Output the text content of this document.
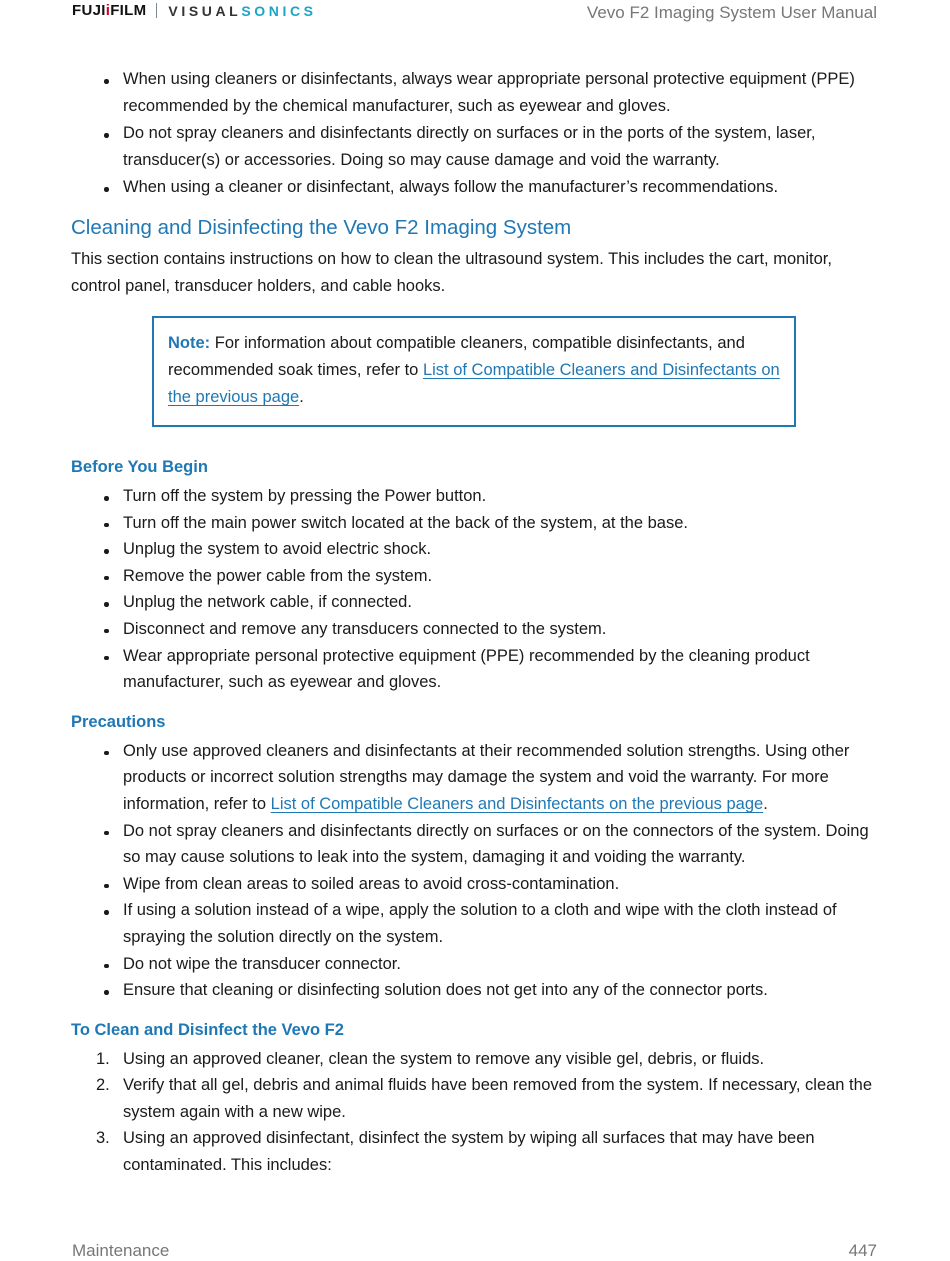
FUJIiFILM VISUAL SONICS	Vevo F2 Imaging System User Manual
When using cleaners or disinfectants, always wear appropriate personal protective equipment (PPE) recommended by the chemical manufacturer, such as eyewear and gloves.
Do not spray cleaners and disinfectants directly on surfaces or in the ports of the system, laser, transducer(s) or accessories. Doing so may cause damage and void the warranty.
When using a cleaner or disinfectant, always follow the manufacturer’s recommendations.
Cleaning and Disinfecting the Vevo F2 Imaging System

This section contains instructions on how to clean the ultrasound system. This includes the cart, monitor, control panel, transducer holders, and cable hooks.

Note: For information about compatible cleaners, compatible disinfectants, and recommended soak times, refer to List of Compatible Cleaners and Disinfectants on the previous page.
Before You Begin
Turn off the system by pressing the Power button.
Turn off the main power switch located at the back of the system, at the base.
Unplug the system to avoid electric shock.
Remove the power cable from the system.
Unplug the network cable, if connected.
Disconnect and remove any transducers connected to the system.
Wear appropriate personal protective equipment (PPE) recommended by the cleaning product manufacturer, such as eyewear and gloves.
Precautions
Only use approved cleaners and disinfectants at their recommended solution strengths. Using other products or incorrect solution strengths may damage the system and void the warranty. For more information, refer to List of Compatible Cleaners and Disinfectants on the previous page.
Do not spray cleaners and disinfectants directly on surfaces or on the connectors of the system. Doing so may cause solutions to leak into the system, damaging it and voiding the warranty.
Wipe from clean areas to soiled areas to avoid cross-contamination.
If using a solution instead of a wipe, apply the solution to a cloth and wipe with the cloth instead of spraying the solution directly on the system.
Do not wipe the transducer connector.
Ensure that cleaning or disinfecting solution does not get into any of the connector ports.
To Clean and Disinfect the Vevo F2
1. Using an approved cleaner, clean the system to remove any visible gel, debris, or fluids.
2. Verify that all gel, debris and animal fluids have been removed from the system. If necessary, clean the system again with a new wipe.
3. Using an approved disinfectant, disinfect the system by wiping all surfaces that may have been contaminated. This includes:
Maintenance	447
